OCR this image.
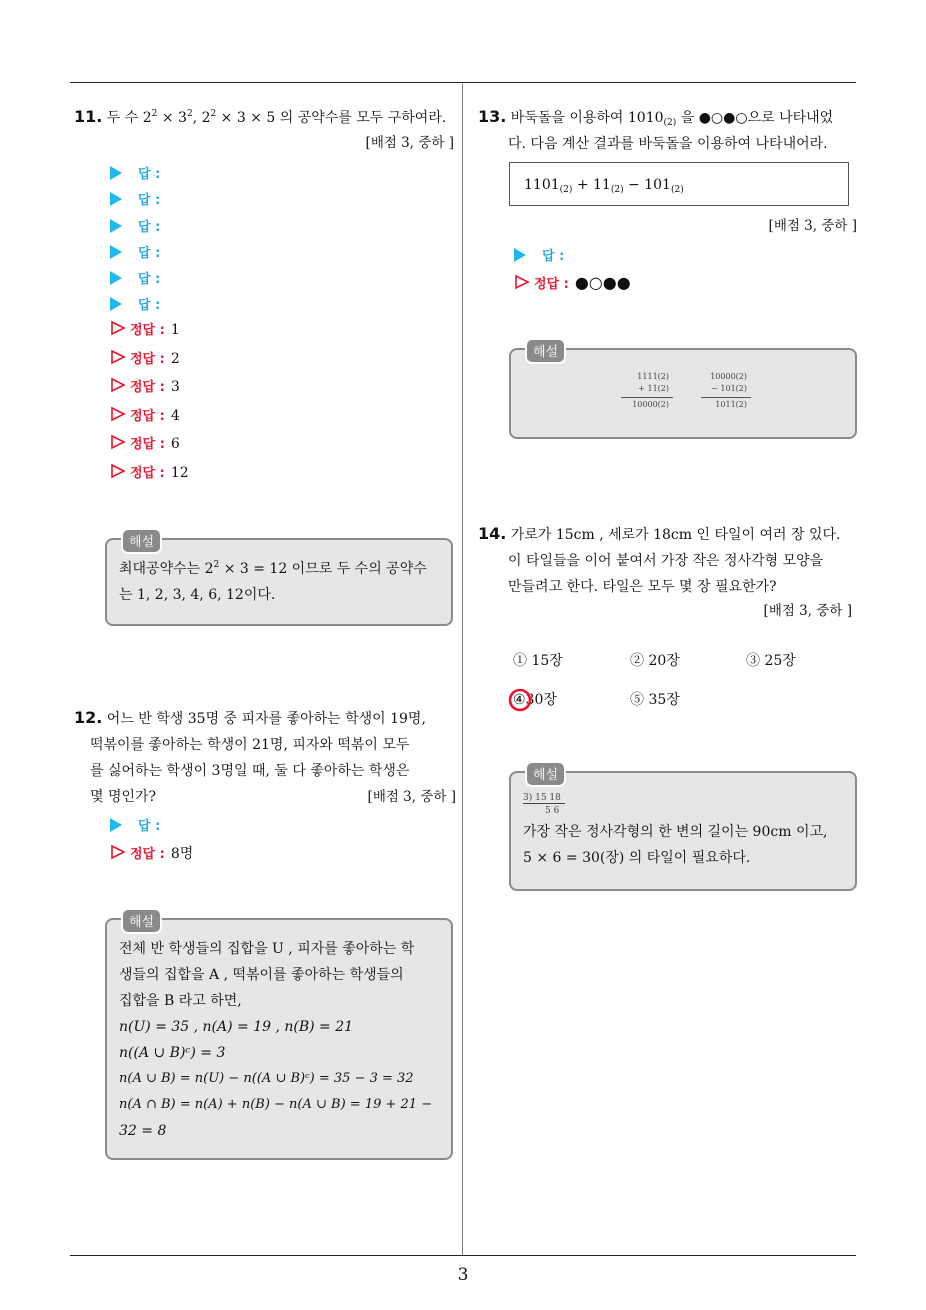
11. 두 수 $2^2 \times 3^2$, $2^2 \times 3 \times 5$ 의 공약수를 모두 구하여라.
[배점 3, 중하 ]
답 :
답 :
답 :
답 :
답 :
답 :
정답 : 1
정답 : 2
정답 : 3
정답 : 4
정답 : 6
정답 : 12
해설
최대공약수는 $2^2 \times 3 = 12$ 이므로 두 수의 공약수
는 1, 2, 3, 4, 6, 12이다.
12. 어느 반 학생 35명 중 피자를 좋아하는 학생이 19명,
떡볶이를 좋아하는 학생이 21명, 피자와 떡볶이 모두
를 싫어하는 학생이 3명일 때, 둘 다 좋아하는 학생은
몇 명인가?	[배점 3, 중하 ]
답 :
정답 : 8명
해설
전체 반 학생들의 집합을 U , 피자를 좋아하는 학
생들의 집합을 A , 떡볶이를 좋아하는 학생들의
집합을 B 라고 하면,
n(U) = 35 , n(A) = 19 , n(B) = 21
n((A ∪ B)ᶜ) = 3
n(A ∪ B) = n(U) − n((A ∪ B)ᶜ) = 35 − 3 = 32
n(A ∩ B) = n(A) + n(B) − n(A ∪ B) = 19 + 21 −
32 = 8
13. 바둑돌을 이용하여 $1010_{(2)}$ 을 ●○●○으로 나타내었
다. 다음 계산 결과를 바둑돌을 이용하여 나타내어라.
$1101_{(2)} + 11_{(2)} - 101_{(2)}$
[배점 3, 중하 ]
답 :
정답 : ●○●●
해설
1111(2)
+ 11(2)
10000(2)
10000(2)
− 101(2)
1011(2)
14. 가로가 15cm , 세로가 18cm 인 타일이 여러 장 있다.
이 타일들을 이어 붙여서 가장 작은 정사각형 모양을
만들려고 한다. 타일은 모두 몇 장 필요한가?
[배점 3, 중하 ]
① 15장	② 20장	③ 25장
④30장	⑤ 35장
해설
3) 15 18
5 6
가장 작은 정사각형의 한 변의 길이는 90cm 이고,
5 × 6 = 30(장) 의 타일이 필요하다.
3
